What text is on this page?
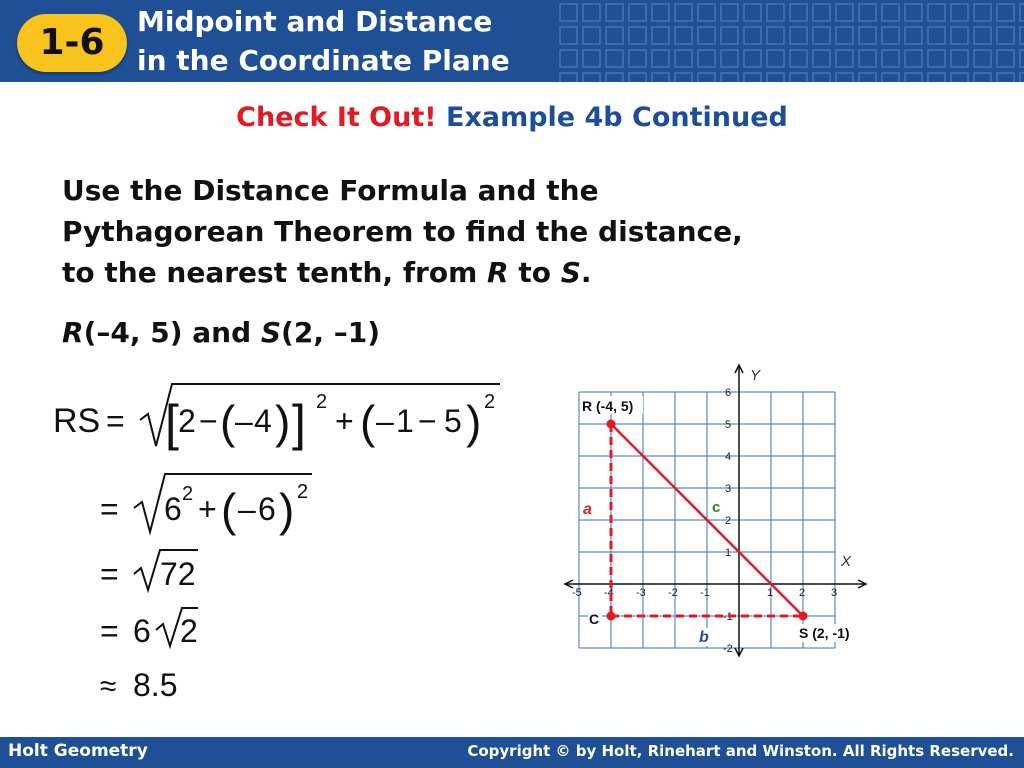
1-6
Midpoint and Distance
in the Coordinate Plane
Check It Out! Example 4b Continued
Use the Distance Formula and the
Pythagorean Theorem to find the distance,
to the nearest tenth, from R to S.
R(–4, 5) and S(2, –1)
RS = [ 2 − ( – 4 ) ] 2
+ ( – 1 − 5 ) 2
= 6 2 + ( – 6 ) 2
= 72
= 6 2
≈ 8.5
X
Y
-5 -4 -3 -2 -1	1 2 3
6
5
4
3
2
1
-1
-2
R (-4, 5)
S (2, -1)
C
a
b
c
Holt Geometry	Copyright © by Holt, Rinehart and Winston. All Rights Reserved.
